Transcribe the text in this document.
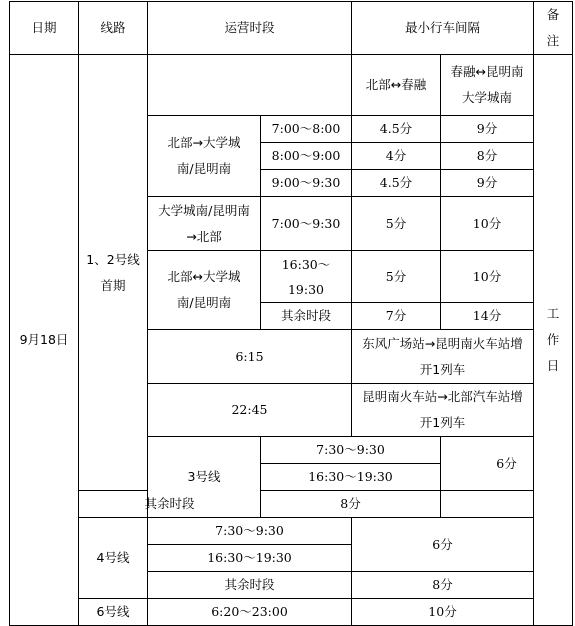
日期	线路	运营时段		最小行车间隔		备注
9月18日	1、2号线首期			北部↔春融	春融↔昆明南大学城南	工作日
		北部→大学城南/昆明南	7:00～8:00	4.5分	9分	
			8:00～9:00	4分	8分	
			9:00～9:30	4.5分	9分	
		大学城南/昆明南→北部	7:00～9:30	5分	10分	
		北部↔大学城南/昆明南	16:30～19:30	5分	10分	
			其余时段	7分	14分	
		6:15		东风广场站→昆明南火车站增开1列车		
		22:45		昆明南火车站→北部汽车站增开1列车		
		3号线	7:30～9:30		6分	
			16:30～19:30			
	其余时段		8分			
	4号线	7:30～9:30		6分		
		16:30～19:30				
		其余时段		8分		
	6号线	6:20～23:00		10分		
